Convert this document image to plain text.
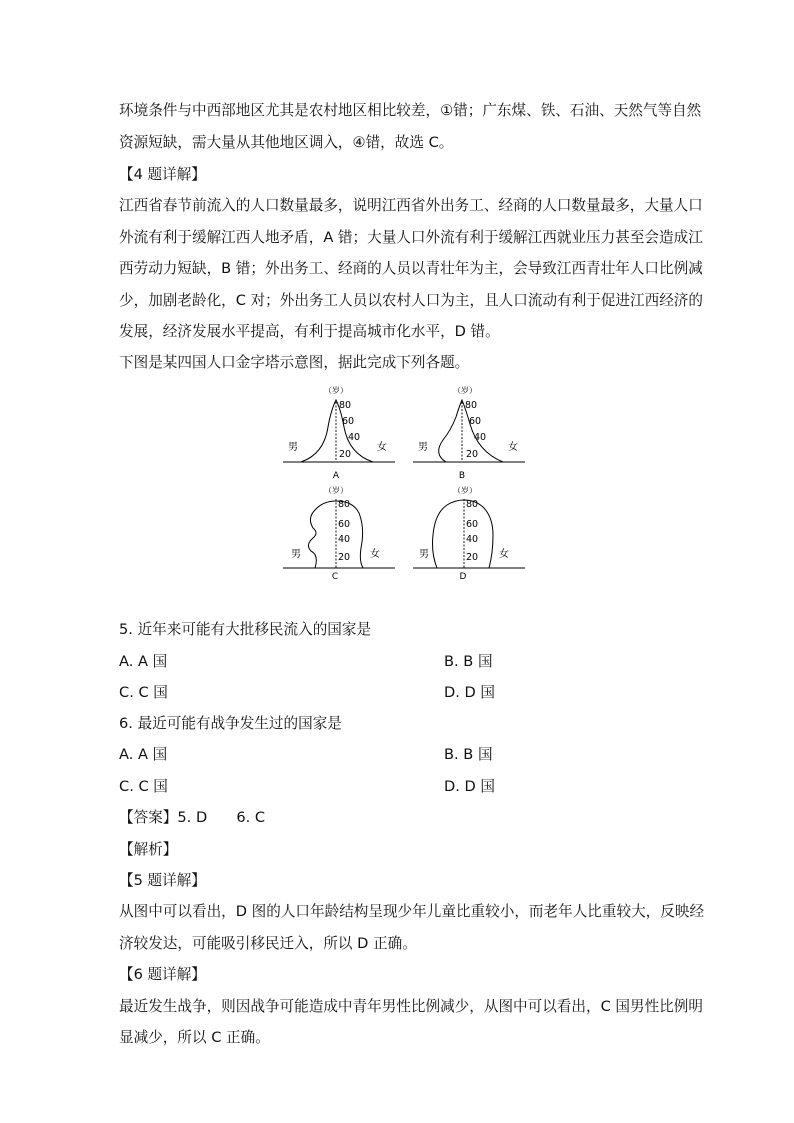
环境条件与中西部地区尤其是农村地区相比较差，①错；广东煤、铁、石油、天然气等自然
资源短缺，需大量从其他地区调入，④错，故选 C。
【4 题详解】
江西省春节前流入的人口数量最多，说明江西省外出务工、经商的人口数量最多，大量人口
外流有利于缓解江西人地矛盾，A 错；大量人口外流有利于缓解江西就业压力甚至会造成江
西劳动力短缺，B 错；外出务工、经商的人员以青壮年为主，会导致江西青壮年人口比例减
少，加剧老龄化，C 对；外出务工人员以农村人口为主，且人口流动有利于促进江西经济的
发展，经济发展水平提高，有利于提高城市化水平，D 错。
下图是某四国人口金字塔示意图，据此完成下列各题。
（岁）
80
60
40
20
男	女
A
（岁）
80
60
40
20
男	女
B
（岁）
80
60
40
20
男	女
C
（岁）
80
60
40
20
男	女
D
5. 近年来可能有大批移民流入的国家是
A. A 国	B. B 国
C. C 国	D. D 国
6. 最近可能有战争发生过的国家是
A. A 国	B. B 国
C. C 国	D. D 国
【答案】5. D　　6. C
【解析】
【5 题详解】
从图中可以看出，D 图的人口年龄结构呈现少年儿童比重较小，而老年人比重较大，反映经
济较发达，可能吸引移民迁入，所以 D 正确。
【6 题详解】
最近发生战争，则因战争可能造成中青年男性比例减少，从图中可以看出，C 国男性比例明
显减少，所以 C 正确。
